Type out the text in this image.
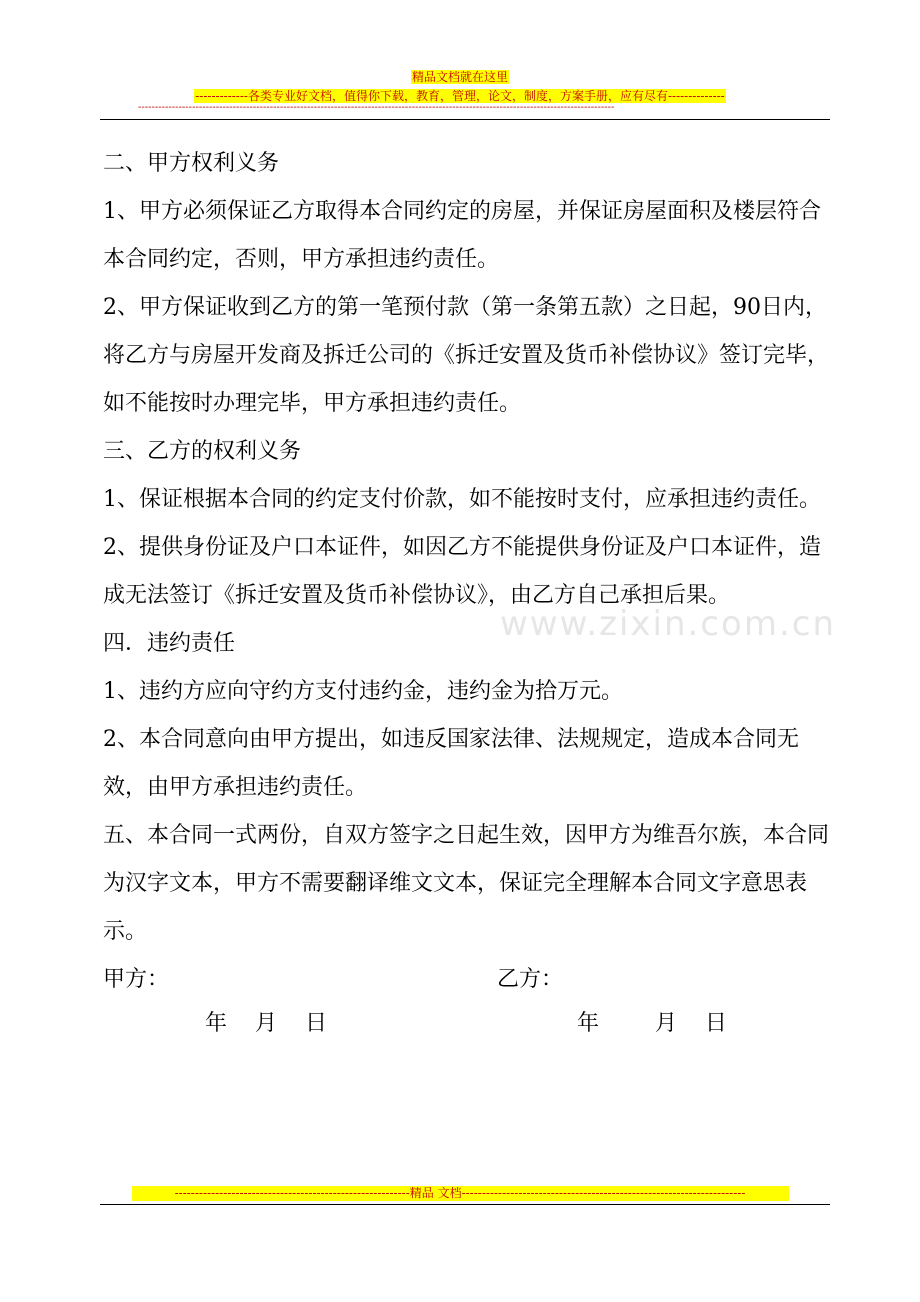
精品文档就在这里
-------------各类专业好文档，值得你下载，教育，管理，论文，制度，方案手册，应有尽有--------------
---------------------------------------------------------------------------------------------------------------------------------------------
www.zixin.com.cn

二、甲方权利义务

1、甲方必须保证乙方取得本合同约定的房屋，并保证房屋面积及楼层符合本合同约定，否则，甲方承担违约责任。

2、甲方保证收到乙方的第一笔预付款（第一条第五款）之日起，90日内，将乙方与房屋开发商及拆迁公司的《拆迁安置及货币补偿协议》签订完毕，如不能按时办理完毕，甲方承担违约责任。

三、乙方的权利义务

1、保证根据本合同的约定支付价款，如不能按时支付，应承担违约责任。

2、提供身份证及户口本证件，如因乙方不能提供身份证及户口本证件，造成无法签订《拆迁安置及货币补偿协议》，由乙方自己承担后果。

四．违约责任

1、违约方应向守约方支付违约金，违约金为拾万元。

2、本合同意向由甲方提出，如违反国家法律、法规规定，造成本合同无效，由甲方承担违约责任。

五、本合同一式两份，自双方签字之日起生效，因甲方为维吾尔族，本合同为汉字文本，甲方不需要翻译维文文本，保证完全理解本合同文字意思表示。

甲方：	乙方：
年    月    日	年        月    日
----------------------------------------------------------精品 文档----------------------------------------------------------------------
